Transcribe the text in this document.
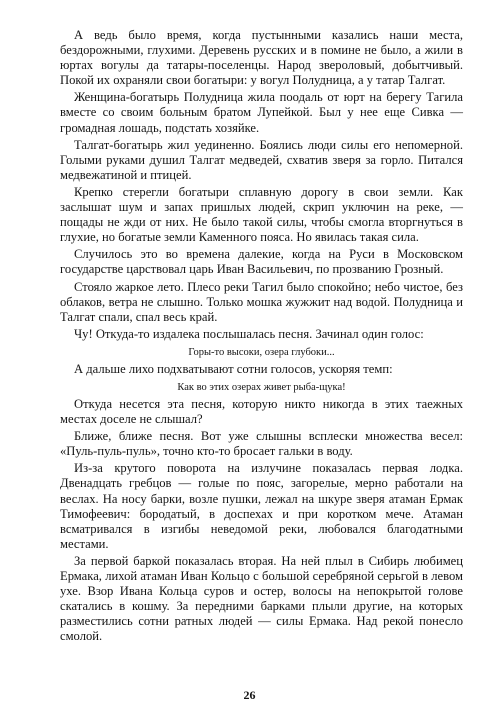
А ведь было время, когда пустынными казались наши места, бездорожными, глухими. Деревень русских и в помине не было, а жили в юртах вогулы да татары-поселенцы. Народ звероловый, добытчивый. Покой их охраняли свои богатыри: у вогул Полудница, а у татар Талгат.

Женщина-богатырь Полудница жила поодаль от юрт на берегу Тагила вместе со своим больным братом Лупейкой. Был у нее еще Сивка — громадная лошадь, подстать хозяйке.

Талгат-богатырь жил уединенно. Боялись люди силы его непомерной. Голыми руками душил Талгат медведей, схватив зверя за горло. Питался медвежатиной и птицей.

Крепко стерегли богатыри сплавную дорогу в свои земли. Как заслышат шум и запах пришлых людей, скрип уключин на реке, — пощады не жди от них. Не было такой силы, чтобы смогла вторгнуться в глухие, но богатые земли Каменного пояса. Но явилась такая сила.

Случилось это во времена далекие, когда на Руси в Московском государстве царствовал царь Иван Васильевич, по прозванию Грозный.

Стояло жаркое лето. Плесо реки Тагил было спокойно; небо чистое, без облаков, ветра не слышно. Только мошка жужжит над водой. Полудница и Талгат спали, спал весь край.

Чу! Откуда-то издалека послышалась песня. Зачинал один голос:

Горы-то высоки, озера глубоки...

А дальше лихо подхватывают сотни голосов, ускоряя темп:

Как во этих озерах живет рыба-щука!

Откуда несется эта песня, которую никто никогда в этих таежных местах доселе не слышал?

Ближе, ближе песня. Вот уже слышны всплески множества весел: «Пуль-пуль-пуль», точно кто-то бросает гальки в воду.

Из-за крутого поворота на излучине показалась первая лодка. Двенадцать гребцов — голые по пояс, загорелые, мерно работали на веслах. На носу барки, возле пушки, лежал на шкуре зверя атаман Ермак Тимофеевич: бородатый, в доспехах и при коротком мече. Атаман всматривался в изгибы неведомой реки, любовался благодатными местами.

За первой баркой показалась вторая. На ней плыл в Сибирь любимец Ермака, лихой атаман Иван Кольцо с большой серебряной серьгой в левом ухе. Взор Ивана Кольца суров и остер, волосы на непокрытой голове скатались в кошму. За передними барками плыли другие, на которых разместились сотни ратных людей — силы Ермака. Над рекой понесло смолой.

26
